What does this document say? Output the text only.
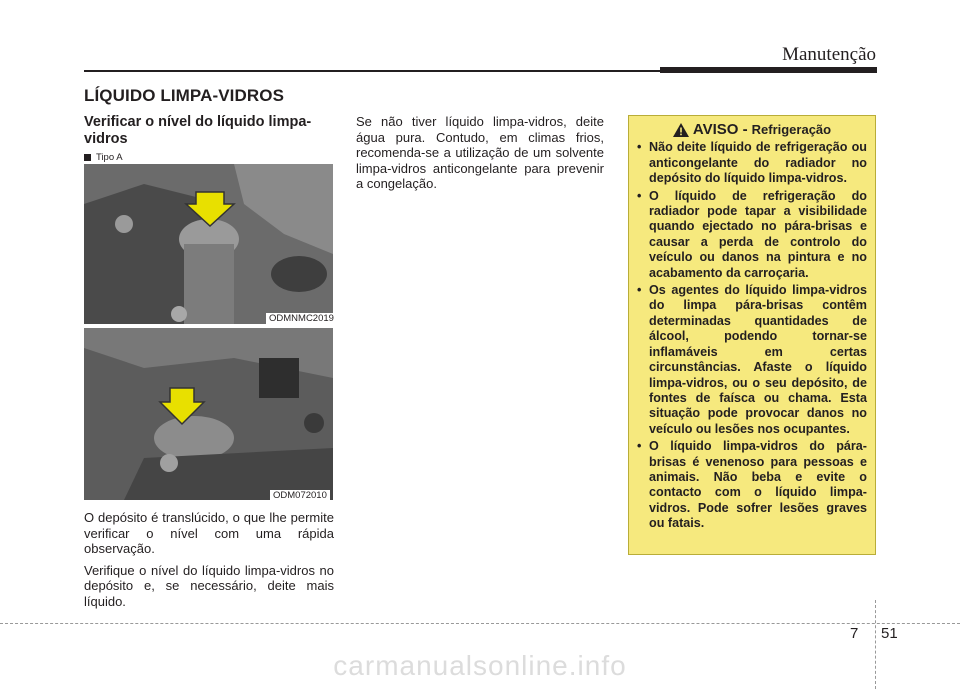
Manutenção
LÍQUIDO LIMPA-VIDROS
Verificar o nível do líquido limpa-vidros
Tipo A
ODMNMC2019
ODM072010

O depósito é translúcido, o que lhe permite verificar o nível com uma rápida observação.

Verifique o nível do líquido limpa-vidros no depósito e, se necessário, deite mais líquido.

Se não tiver líquido limpa-vidros, deite água pura. Contudo, em climas frios, recomenda-se a utilização de um solvente limpa-vidros anticongelante para prevenir a congelação.

AVISO - Refrigeração
• Não deite líquido de refrigeração ou anticongelante do radiador no depósito do líquido limpa-vidros.
• O líquido de refrigeração do radiador pode tapar a visibilidade quando ejectado no pára-brisas e causar a perda de controlo do veículo ou danos na pintura e no acabamento da carroçaria.
• Os agentes do líquido limpa-vidros do limpa pára-brisas contêm determinadas quantidades de álcool, podendo tornar-se inflamáveis em certas circunstâncias. Afaste o líquido limpa-vidros, ou o seu depósito, de fontes de faísca ou chama. Esta situação pode provocar danos no veículo ou lesões nos ocupantes.
• O líquido limpa-vidros do pára-brisas é venenoso para pessoas e animais. Não beba e evite o contacto com o líquido limpa-vidros. Pode sofrer lesões graves ou fatais.
7 51
carmanualsonline.info
